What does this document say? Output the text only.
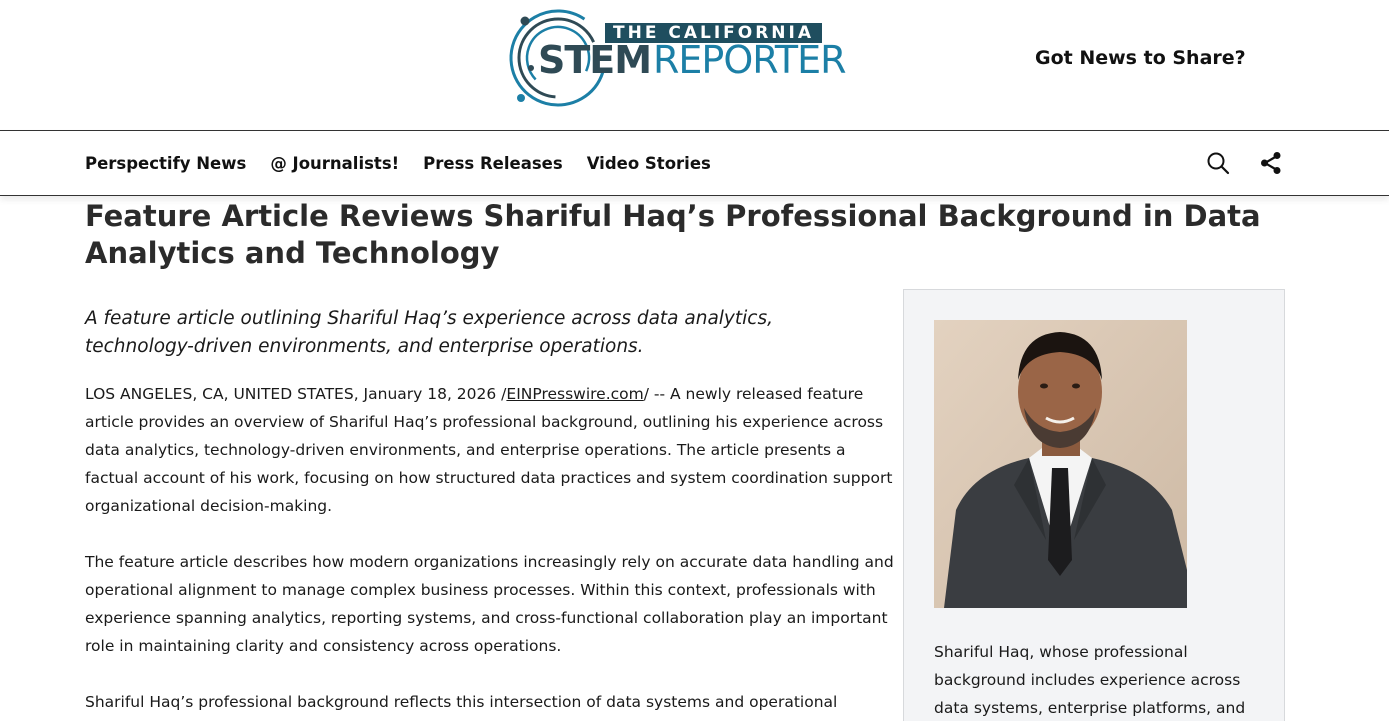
THE CALIFORNIA
STEM REPORTER	Got News to Share?
Perspectify News @ Journalists! Press Releases Video Stories
Feature Article Reviews Shariful Haq’s Professional Background in Data Analytics and Technology

A feature article outlining Shariful Haq’s experience across data analytics, technology-driven environments, and enterprise operations.

LOS ANGELES, CA, UNITED STATES, January 18, 2026 /EINPresswire.com/ -- A newly released feature article provides an overview of Shariful Haq’s professional background, outlining his experience across data analytics, technology-driven environments, and enterprise operations. The article presents a factual account of his work, focusing on how structured data practices and system coordination support organizational decision-making.

The feature article describes how modern organizations increasingly rely on accurate data handling and operational alignment to manage complex business processes. Within this context, professionals with experience spanning analytics, reporting systems, and cross-functional collaboration play an important role in maintaining clarity and consistency across operations.

Shariful Haq’s professional background reflects this intersection of data systems and operational

Shariful Haq, whose professional background includes experience across data systems, enterprise platforms, and
